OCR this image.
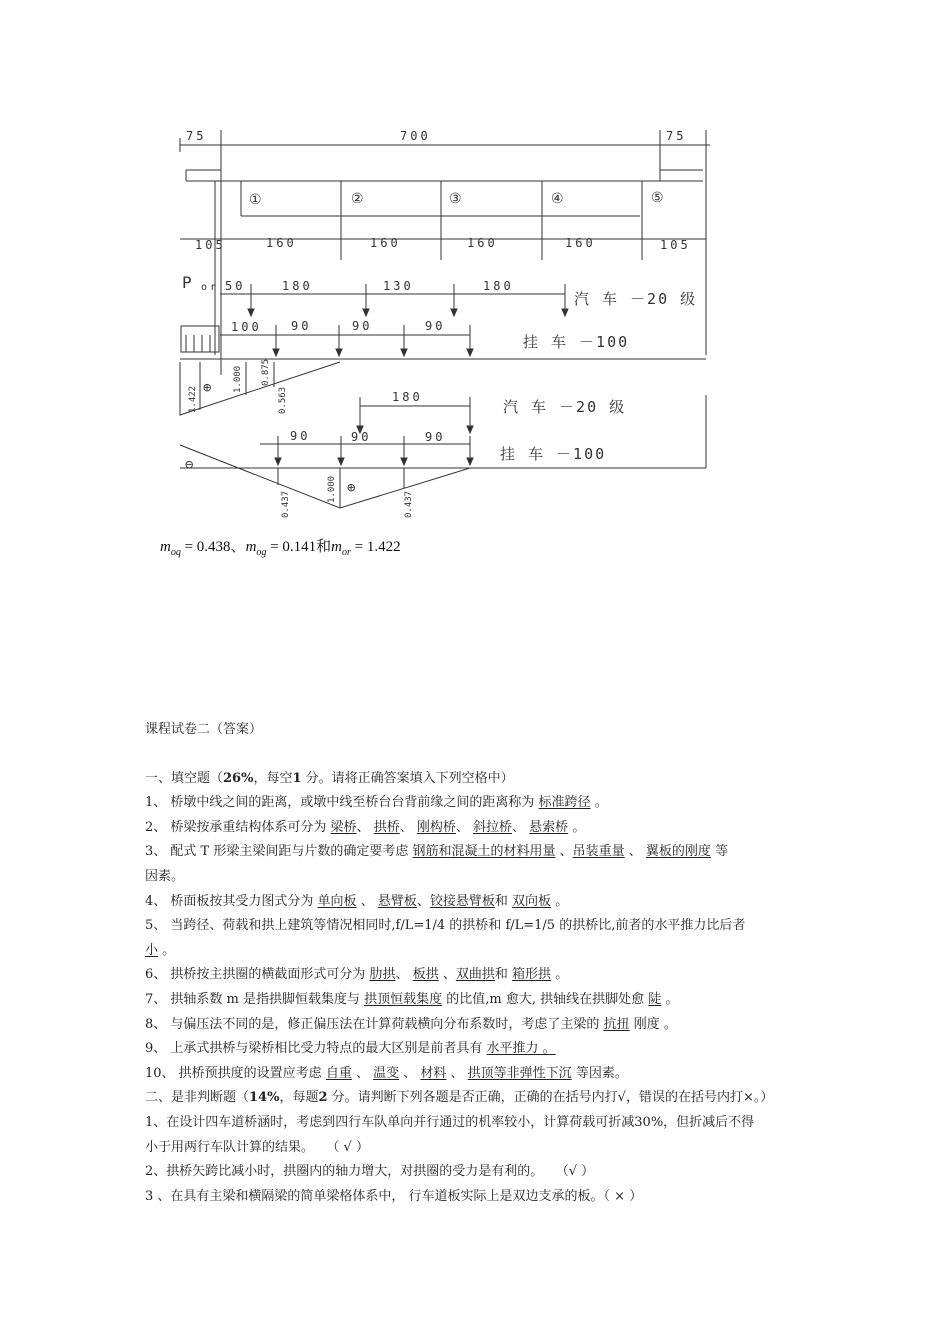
75	700	75
①	②	③	④	⑤
105	160	160	160	160	105
P or 50	180	130	180
汽 车 －20 级
100 90	90	90
挂 车 －100
⊕
1.422
1.000 0.875
0.563	180
汽 车 －20 级
90	90	90
挂 车 －100
⊖
⊕
0.437
1.000
0.437
$m_{oq} = 0.438$、$m_{og} = 0.141$和$m_{or} = 1.422$

课程试卷二（答案）

一、填空题（26%，每空1 分。请将正确答案填入下列空格中）

1、 桥墩中线之间的距离，或墩中线至桥台台背前缘之间的距离称为 标准跨径 。

2、 桥梁按承重结构体系可分为 梁桥、 拱桥、 刚构桥、 斜拉桥、 悬索桥 。

3、 配式 T 形梁主梁间距与片数的确定要考虑 钢筋和混凝土的材料用量 、吊装重量 、 翼板的刚度 等

因素。

4、 桥面板按其受力图式分为 单向板 、 悬臂板、铰接悬臂板和 双向板 。

5、 当跨径、荷载和拱上建筑等情况相同时,f/L=1/4 的拱桥和 f/L=1/5 的拱桥比,前者的水平推力比后者

小 。

6、 拱桥按主拱圈的横截面形式可分为 肋拱、 板拱 、双曲拱和 箱形拱 。

7、 拱轴系数 m 是指拱脚恒载集度与 拱顶恒载集度 的比值,m 愈大, 拱轴线在拱脚处愈 陡 。

8、 与偏压法不同的是，修正偏压法在计算荷载横向分布系数时，考虑了主梁的 抗扭 刚度 。

9、 上承式拱桥与梁桥相比受力特点的最大区别是前者具有 水平推力 。

10、 拱桥预拱度的设置应考虑 自重 、 温变 、 材料 、 拱顶等非弹性下沉 等因素。

二、是非判断题（14%，每题2 分。请判断下列各题是否正确，正确的在括号内打√，错误的在括号内打×。）

1、在设计四车道桥涵时，考虑到四行车队单向并行通过的机率较小，计算荷载可折减30%，但折减后不得

小于用两行车队计算的结果。 （ √ ）

2、拱桥矢跨比减小时，拱圈内的轴力增大，对拱圈的受力是有利的。 （√ ）

3 、在具有主梁和横隔梁的简单梁格体系中， 行车道板实际上是双边支承的板。（ × ）
